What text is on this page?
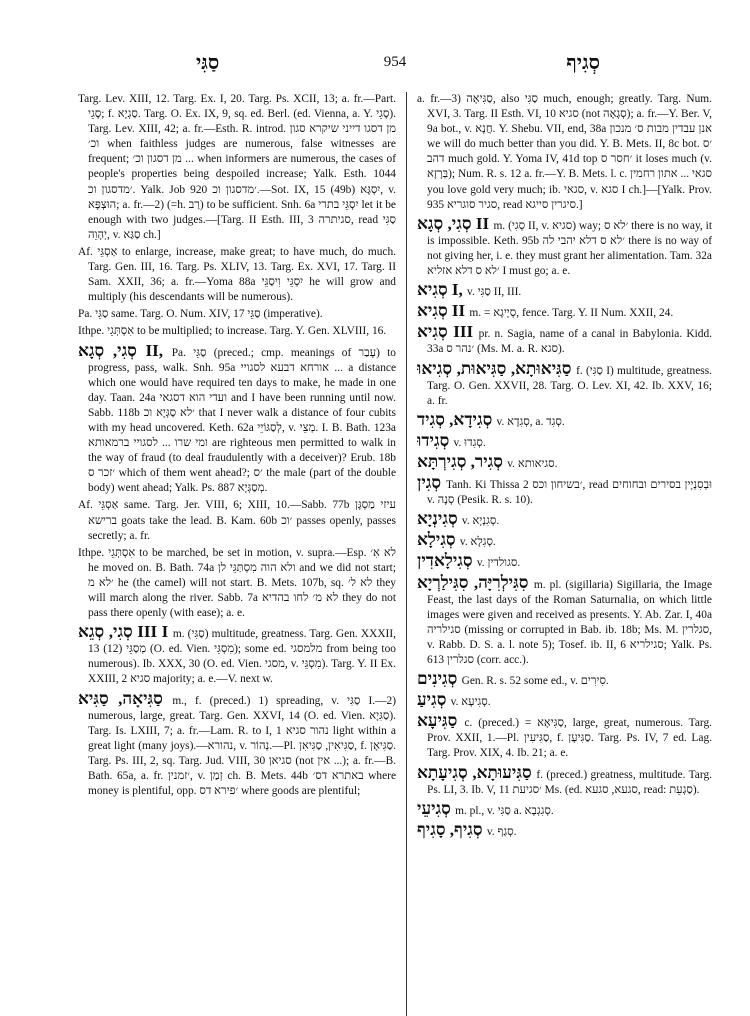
סַגִּי	954	סְגִיף

Targ. Lev. XIII, 12. Targ. Ex. I, 20. Targ. Ps. XCII, 13; a. fr.—Part. סָגֵי; f. סַגְיָא. Targ. O. Ex. IX, 9, sq. ed. Berl. (ed. Vienna, a. Y. סָגֵי). Targ. Lev. XIII, 42; a. fr.—Esth. R. introd. מן דסגו דייני שיקרא סגון וכ׳ when faithless judges are numerous, false witnesses are frequent; מן דסגון וכ׳ ... when informers are numerous, the cases of people's properties being despoiled increase; Yalk. Esth. 1044 ׳מדסגון וכ. Yalk. Job 920 ׳מדסגון וכ.—Sot. IX, 15 (49b) יִסְגָּא, v. הוּצְפָּא; a. fr.—2) (=h. רַב) to be sufficient. Snh. 6a יִסְגֵּי בתרי let it be enough with two judges.—[Targ. II Esth. III, 3 סגיתרה, read סַגִּי יְהָוֵה, v. סַגַּא ch.]

Af. אַסְגֵּי to enlarge, increase, make great; to have much, do much. Targ. Gen. III, 16. Targ. Ps. XLIV, 13. Targ. Ex. XVI, 17. Targ. II Sam. XXII, 36; a. fr.—Yoma 88a יִסְגֵּי וִיסַגֵּי he will grow and multiply (his descendants will be numerous).

Pa. סַגֵּי same. Targ. O. Num. XIV, 17 סַגֵּי (imperative).

Ithpe. אִסְתְּגֵי to be multiplied; to increase. Targ. Y. Gen. XLVIII, 16.

סְגִי, סְגָא II, Pa. סַגֵּי (preced.; cmp. meanings of עָבַר) to progress, pass, walk. Snh. 95a אורחא דבעא לסגויי ... a distance which one would have required ten days to make, he made in one day. Taan. 24a ועדי הוא דסגאי and I have been running until now. Sabb. 118b ׳לא סַגְּיָא וכ that I never walk a distance of four cubits with my head uncovered. Keth. 62a לְסַגּוֹיֵי, v. מְצֵי. I. B. Bath. 123a ומי שרו ... לסגויי ברמאותא are righteous men permitted to walk in the way of fraud (to deal fraudulently with a deceiver)? Erub. 18b ׳זכר ס which of them went ahead?; ׳ס the male (part of the double body) went ahead; Yalk. Ps. 887 מְסַגְּיָא.

Af. אַסְגֵּי same. Targ. Jer. VIII, 6; XIII, 10.—Sabb. 77b עיזי מַסְגָּן ברישא goats take the lead. B. Kam. 60b ׳וכ passes openly, passes secretly; a. fr.

Ithpe. אִסְתְּגֵי to be marched, be set in motion, v. supra.—Esp. לא אִ׳ he moved on. B. Bath. 74a ולא הוה מִסְתַּגֵּי לן and we did not start; ׳לא מ he (the camel) will not start. B. Mets. 107b, sq. לא ל׳ they will march along the river. Sabb. 7a לא מ׳ לחו בהדיא they do not pass there openly (with ease); a. e.

סְגִי, סְגֵא III I m. (סַגִּי) multitude, greatness. Targ. Gen. XXXII, 13 (12) מְסַגֵּי (O. ed. Vien. מִסְגֵּי); some ed. מלמסגי from being too numerous). Ib. XXX, 30 (O. ed. Vien. מסגי, v. מִסְגֵּי). Targ. Y. II Ex. XXIII, 2 סגיא majority; a. e.—V. next w.

סַגִּיאָה, סַגִּיא m., f. (preced.) 1) spreading, v. סַגִּי I.—2) numerous, large, great. Targ. Gen. XXVI, 14 (O. ed. Vien. סַגִּיָא). Targ. Is. LXIII, 7; a. fr.—Lam. R. to I, 1 נהור סגיא light within a great light (many joys).—נהורא, v. נְהוֹר.—Pl. סַגִּיאִין, סַגִּיאִן, f. סַגִּיאָן. Targ. Ps. III, 2, sq. Targ. Jud. VIII, 30 סגיאן (not אין ...); a. fr.—B. Bath. 65a, a. fr. ׳זמנין, v. זְמַן ch. B. Mets. 44b באתרא דס׳ where money is plentiful, opp. ׳פירא דס where goods are plentiful;

a. fr.—3) סַגִּיאָה, also סַגִּי much, enough; greatly. Targ. Num. XVI, 3. Targ. II Esth. VI, 10 סגיא (not סְגָאָה); a. fr.—Y. Ber. V, 9a bot., v. חֲנָא. Y. Shebu. VII, end, 38a אנן עבדין מבות ס׳ מנכון we will do much better than you did. Y. B. Mets. II, 8c bot. ׳ס דהב much gold. Y. Yoma IV, 41d top ׳חסר ס it loses much (v. בְּרָזָא); Num. R. s. 12 a. fr.—Y. B. Mets. l. c. סגאי ... אתון רחמין you love gold very much; ib. סגאי, v. סגא I ch.]—[Yalk. Prov. 935 סגיר סוגריא, read סיגרין סייגא.]

סְגִי, סְגָא II m. (סְגִי II, v. סגיא) way; ׳לא ס there is no way, it is impossible. Keth. 95b ׳לא ס דלא יהבי לה there is no way of not giving her, i. e. they must grant her alimentation. Tam. 32a ׳לא ס דלא אזליא I must go; a. e.

סְגִיא I, v. סַגִּי II, III.

סְגִיא II m. = סְיָיגָא, fence. Targ. Y. II Num. XXII, 24.

סְגִיא III pr. n. Sagia, name of a canal in Babylonia. Kidd. 33a ׳נהר ס (Ms. M. a. R. סגא).

סַגִּיאוּתָא, סַגִּיאוּת, סְגִיאוּ f. (סַגִּי I) multitude, greatness. Targ. O. Gen. XXVII, 28. Targ. O. Lev. XI, 42. Ib. XXV, 16; a. fr.

סְגִידָא, סְגִיד v. סְגִדָא, a. סְגִד.

סְגִידוּ v. סְגִדוּ.

סְגִיר, סְגִירְתָּא v. סגיאותא.

סְגִין Tanh. Ki Thissa 2 ׳בשיחון וכס, read וּבְסִנְיָין בסירים ובחוחים v. סְנָה (Pesik. R. s. 10).

סְגִינְיָא v. סְגִנְיָא.

סְגִילָא v. סְגִלָא.

סְגִילָאדִין v. סגולדין.

סִגִּילְרִיָּה, סִגִּילַרְיָא m. pl. (sigillaria) Sigillaria, the Image Feast, the last days of the Roman Saturnalia, on which little images were given and received as presents. Y. Ab. Zar. I, 40a סגילריה (missing or corrupted in Bab. ib. 18b; Ms. M. סגלרין, v. Rabb. D. S. a. l. note 5); Tosef. ib. II, 6 סגילריא; Yalk. Ps. 613 סגלרין (corr. acc.).

סְגִינִים Gen. R. s. 52 some ed., v. סִירִים.

סְגִיעַ v. סְגִיעָא.

סַגִּיעָא c. (preced.) = סַגִּיאָא, large, great, numerous. Targ. Prov. XXII, 1.—Pl. סַגִּיעִין, f. סַגִּיעָן. Targ. Ps. IV, 7 ed. Lag. Targ. Prov. XIX, 4. Ib. 21; a. e.

סַגִּיעוּתָא, סְגִיעָתָא f. (preced.) greatness, multitude. Targ. Ps. LI, 3. Ib. V, 11 ׳סגיעת Ms. (ed. סגעא, סגעא, read: סַגְעֵת).

סְגִיעֵי m. pl., v. סַגִּי a. סְגִגְבָא.

סְגִיף, סָגִיף v. סְגַף.
